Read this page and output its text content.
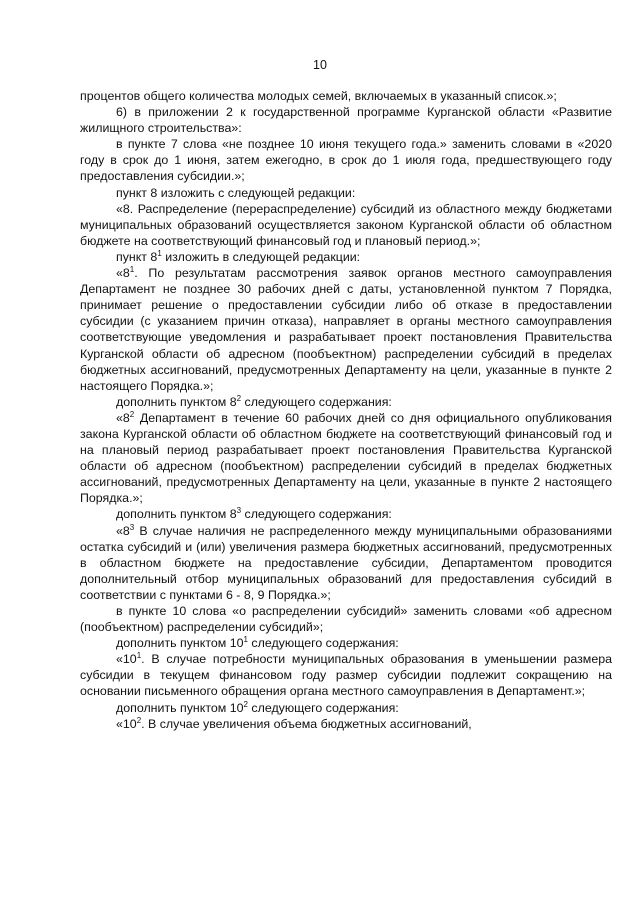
10

процентов общего количества молодых семей, включаемых в указанный список.»;

6) в приложении 2 к государственной программе Курганской области «Развитие жилищного строительства»:

в пункте 7 слова «не позднее 10 июня текущего года.» заменить словами в «2020 году в срок до 1 июня, затем ежегодно, в срок до 1 июля года, предшествующего году предоставления субсидии.»;

пункт 8 изложить с следующей редакции:

«8. Распределение (перераспределение) субсидий из областного между бюджетами муниципальных образований осуществляется законом Курганской области об областном бюджете на соответствующий финансовый год и плановый период.»;

пункт $8^1$ изложить в следующей редакции:

«$8^1$. По результатам рассмотрения заявок органов местного самоуправления Департамент не позднее 30 рабочих дней с даты, установленной пунктом 7 Порядка, принимает решение о предоставлении субсидии либо об отказе в предоставлении субсидии (с указанием причин отказа), направляет в органы местного самоуправления соответствующие уведомления и разрабатывает проект постановления Правительства Курганской области об адресном (пообъектном) распределении субсидий в пределах бюджетных ассигнований, предусмотренных Департаменту на цели, указанные в пункте 2 настоящего Порядка.»;

дополнить пунктом $8^2$ следующего содержания:

«$8^2$ Департамент в течение 60 рабочих дней со дня официального опубликования закона Курганской области об областном бюджете на соответствующий финансовый год и на плановый период разрабатывает проект постановления Правительства Курганской области об адресном (пообъектном) распределении субсидий в пределах бюджетных ассигнований, предусмотренных Департаменту на цели, указанные в пункте 2 настоящего Порядка.»;

дополнить пунктом $8^3$ следующего содержания:

«$8^3$ В случае наличия не распределенного между муниципальными образованиями остатка субсидий и (или) увеличения размера бюджетных ассигнований, предусмотренных в областном бюджете на предоставление субсидии, Департаментом проводится дополнительный отбор муниципальных образований для предоставления субсидий в соответствии с пунктами 6 - 8, 9 Порядка.»;

в пункте 10 слова «о распределении субсидий» заменить словами «об адресном (пообъектном) распределении субсидий»;

дополнить пунктом $10^1$ следующего содержания:

«$10^1$. В случае потребности муниципальных образования в уменьшении размера субсидии в текущем финансовом году размер субсидии подлежит сокращению на основании письменного обращения органа местного самоуправления в Департамент.»;

дополнить пунктом $10^2$ следующего содержания:

«$10^2$. В случае увеличения объема бюджетных ассигнований,
